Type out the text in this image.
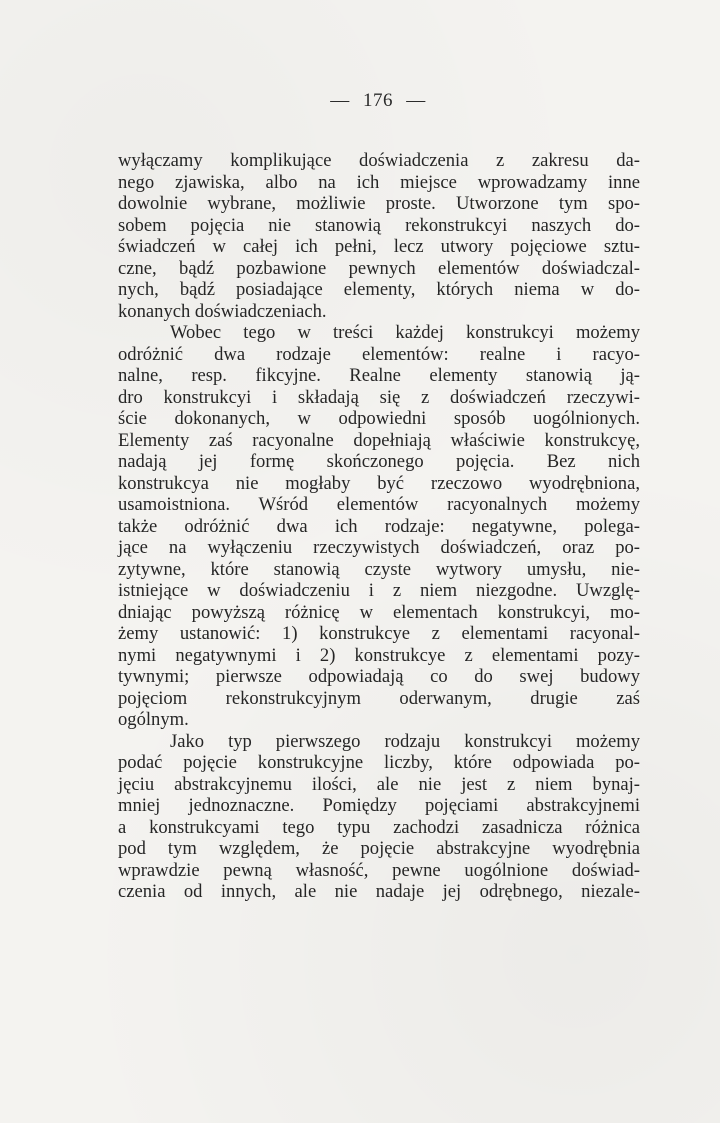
— 176 —

wyłączamy komplikujące doświadczenia z zakresu da-
nego zjawiska, albo na ich miejsce wprowadzamy inne
dowolnie wybrane, możliwie proste. Utworzone tym spo-
sobem pojęcia nie stanowią rekonstrukcyi naszych do-
świadczeń w całej ich pełni, lecz utwory pojęciowe sztu-
czne, bądź pozbawione pewnych elementów doświadczal-
nych, bądź posiadające elementy, których niema w do-
konanych doświadczeniach.

Wobec tego w treści każdej konstrukcyi możemy
odróżnić dwa rodzaje elementów: realne i racyo-
nalne, resp. fikcyjne. Realne elementy stanowią ją-
dro konstrukcyi i składają się z doświadczeń rzeczywi-
ście dokonanych, w odpowiedni sposób uogólnionych.
Elementy zaś racyonalne dopełniają właściwie konstrukcyę,
nadają jej formę skończonego pojęcia. Bez nich
konstrukcya nie mogłaby być rzeczowo wyodrębniona,
usamoistniona. Wśród elementów racyonalnych możemy
także odróżnić dwa ich rodzaje: negatywne, polega-
jące na wyłączeniu rzeczywistych doświadczeń, oraz po-
zytywne, które stanowią czyste wytwory umysłu, nie-
istniejące w doświadczeniu i z niem niezgodne. Uwzglę-
dniając powyższą różnicę w elementach konstrukcyi, mo-
żemy ustanowić: 1) konstrukcye z elementami racyonal-
nymi negatywnymi i 2) konstrukcye z elementami pozy-
tywnymi; pierwsze odpowiadają co do swej budowy
pojęciom rekonstrukcyjnym oderwanym, drugie zaś
ogólnym.

Jako typ pierwszego rodzaju konstrukcyi możemy
podać pojęcie konstrukcyjne liczby, które odpowiada po-
jęciu abstrakcyjnemu ilości, ale nie jest z niem bynaj-
mniej jednoznaczne. Pomiędzy pojęciami abstrakcyjnemi
a konstrukcyami tego typu zachodzi zasadnicza różnica
pod tym względem, że pojęcie abstrakcyjne wyodrębnia
wprawdzie pewną własność, pewne uogólnione doświad-
czenia od innych, ale nie nadaje jej odrębnego, niezale-
